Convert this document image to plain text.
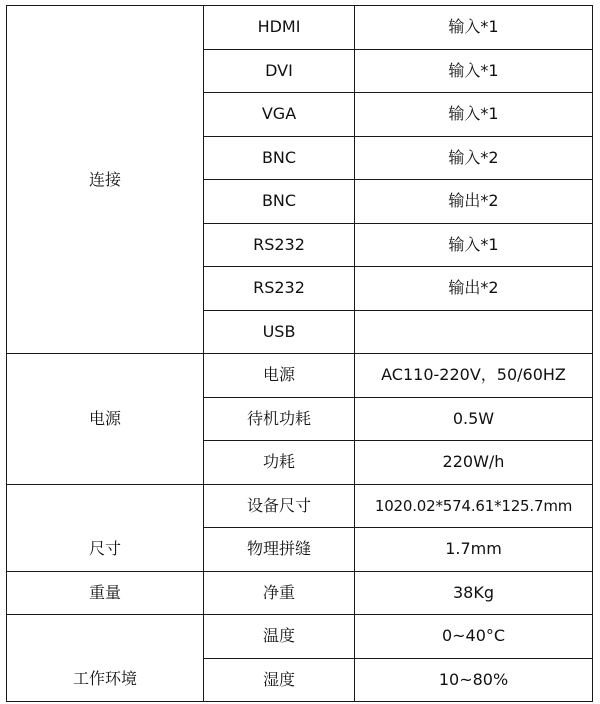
连接	HDMI	输入*1
	DVI	输入*1
	VGA	输入*1
	BNC	输入*2
	BNC	输出*2
	RS232	输入*1
	RS232	输出*2
	USB	
电源	电源	AC110-220V，50/60HZ
	待机功耗	0.5W
	功耗	220W/h
尺寸	设备尺寸	1020.02*574.61*125.7mm
	物理拼缝	1.7mm
重量	净重	38Kg
工作环境	温度	0~40°C
	湿度	10~80%
